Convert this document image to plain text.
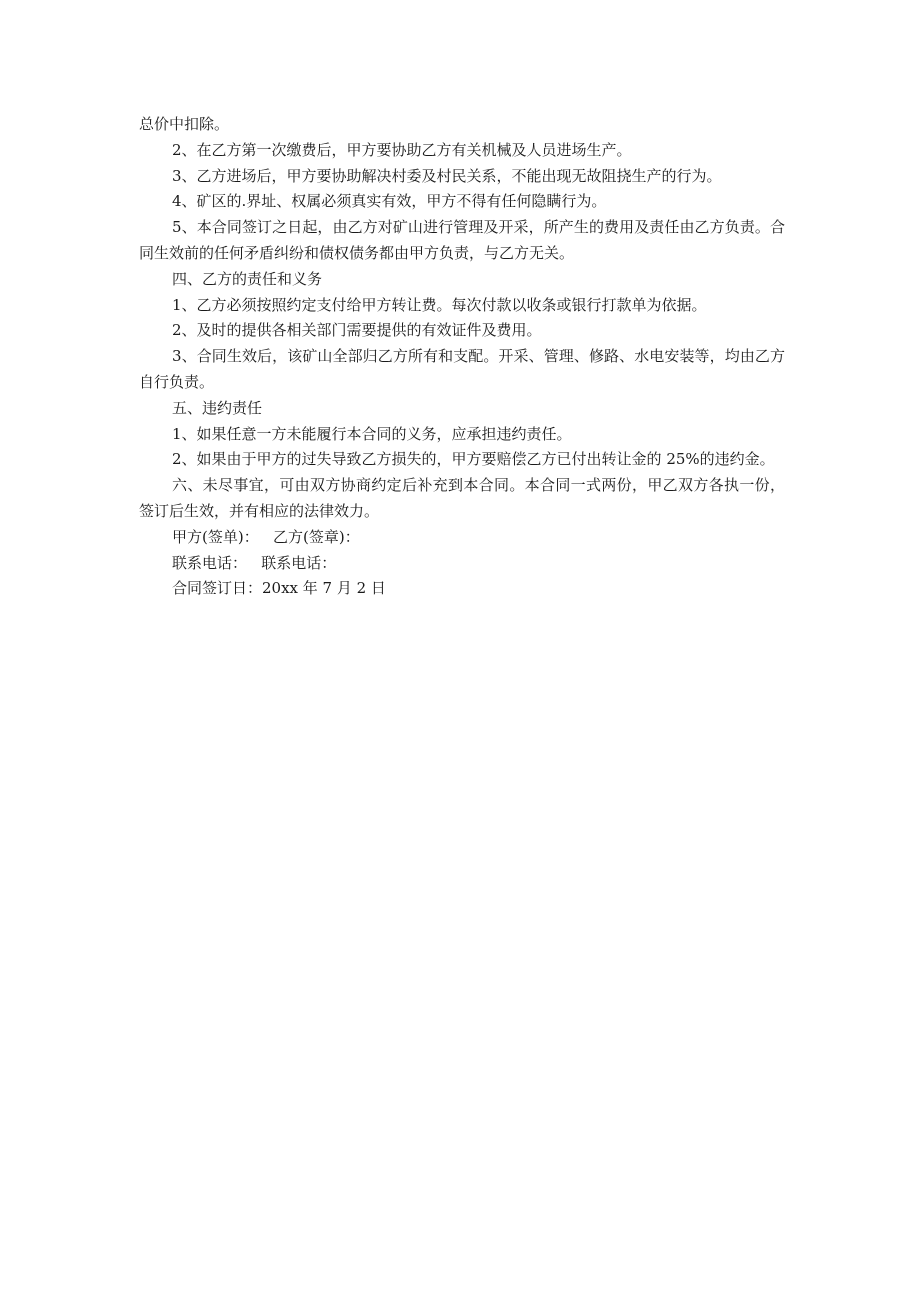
总价中扣除。

2、在乙方第一次缴费后，甲方要协助乙方有关机械及人员进场生产。

3、乙方进场后，甲方要协助解决村委及村民关系，不能出现无故阻挠生产的行为。

4、矿区的.界址、权属必须真实有效，甲方不得有任何隐瞒行为。

5、本合同签订之日起，由乙方对矿山进行管理及开采，所产生的费用及责任由乙方负责。合同生效前的任何矛盾纠纷和债权债务都由甲方负责，与乙方无关。

四、乙方的责任和义务

1、乙方必须按照约定支付给甲方转让费。每次付款以收条或银行打款单为依据。

2、及时的提供各相关部门需要提供的有效证件及费用。

3、合同生效后，该矿山全部归乙方所有和支配。开采、管理、修路、水电安装等，均由乙方自行负责。

五、违约责任

1、如果任意一方未能履行本合同的义务，应承担违约责任。

2、如果由于甲方的过失导致乙方损失的，甲方要赔偿乙方已付出转让金的 25%的违约金。

六、未尽事宜，可由双方协商约定后补充到本合同。本合同一式两份，甲乙双方各执一份，签订后生效，并有相应的法律效力。

甲方(签单)：   乙方(签章)：

联系电话：   联系电话：

合同签订日：20xx 年 7 月 2 日
